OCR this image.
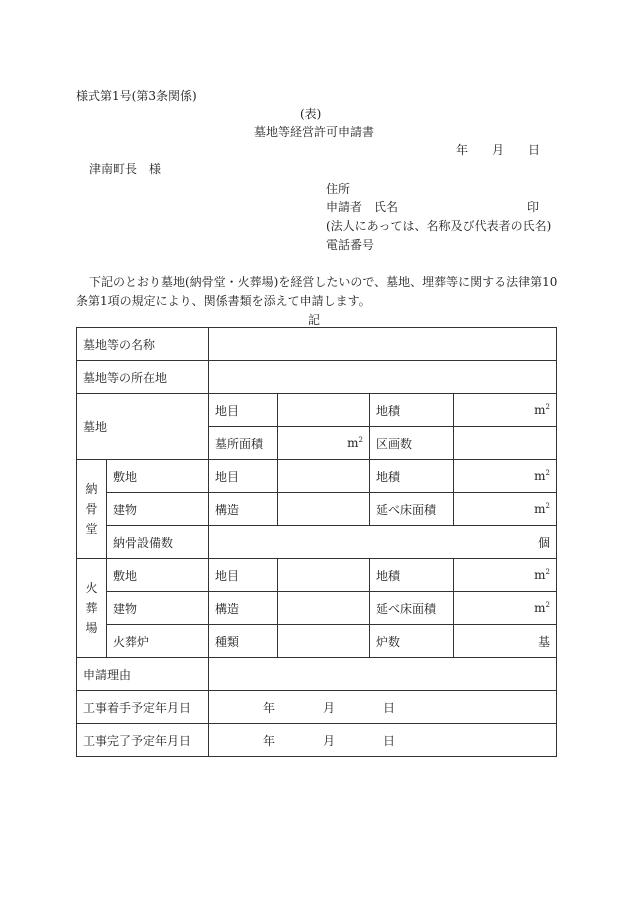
様式第1号(第3条関係)
(表)
墓地等経営許可申請書
年 月 日
津南町長　様
住所
申請者 氏名	印
(法人にあっては、名称及び代表者の氏名)
電話番号
下記のとおり墓地(納骨堂・火葬場)を経営したいので、墓地、埋葬等に関する法律第10
条第1項の規定により、関係書類を添えて申請します。
記
墓地等の名称					
墓地等の所在地					
墓地		地目		地積	$m^2$
		墓所面積	$m^2$	区画数	
納
骨
堂	敷地	地目		地積	$m^2$
	建物	構造		延べ床面積	$m^2$
	納骨設備数	個			
火
葬
場	敷地	地目		地積	$m^2$
	建物	構造		延べ床面積	$m^2$
	火葬炉	種類		炉数	基
申請理由					
工事着手予定年月日		年 月 日			
工事完了予定年月日		年 月 日			
